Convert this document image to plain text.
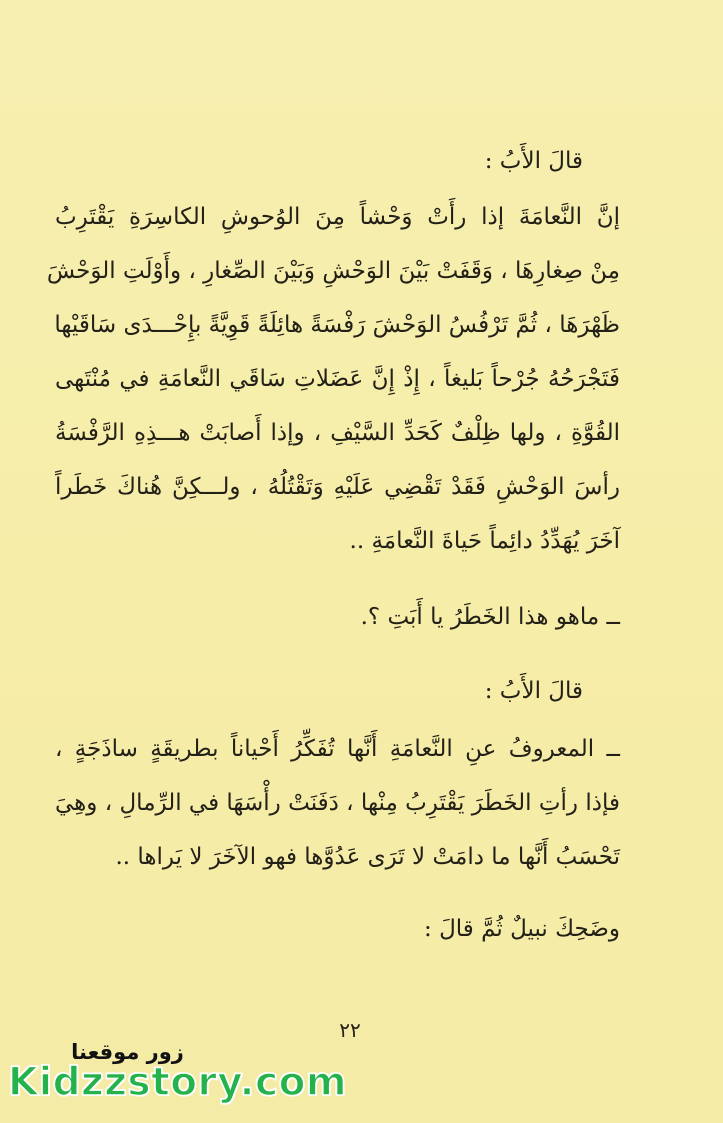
قالَ الأَبُ :
إنَّ النَّعامَةَ إذا رأَتْ وَحْشاً مِنَ الوُحوشِ الكاسِرَةِ يَقْتَرِبُ
مِنْ صِغارِهَا ، وَقَفَتْ بَيْنَ الوَحْشِ وَبَيْنَ الصِّغارِ ، وأَوْلَتِ الوَحْشَ
ظَهْرَهَا ، ثُمَّ تَرْفُسُ الوَحْشَ رَفْسَةً هائِلَةً قَوِيَّةً بإِحْـــدَى سَاقَيْها
فَتَجْرَحُهُ جُرْحاً بَليغاً ، إِذْ إِنَّ عَضَلاتِ سَاقَي النَّعامَةِ في مُنْتَهى
القُوَّةِ ، ولها ظِلْفٌ كَحَدِّ السَّيْفِ ، وإذا أَصابَتْ هـــذِهِ الرَّفْسَةُ
رأسَ الوَحْشِ فَقَدْ تَقْضِي عَلَيْهِ وَتَقْتُلُهُ ، ولـــكِنَّ هُناكَ خَطَراً
آخَرَ يُهَدِّدُ دائِماً حَياةَ النَّعامَةِ ..
ــ ماهو هذا الخَطَرُ يا أَبَتِ ؟.
قالَ الأَبُ :
ــ المعروفُ عنِ النَّعامَةِ أَنَّها تُفَكِّرُ أَحْياناً بطريقَةٍ ساذَجَةٍ ،
فإذا رأتِ الخَطَرَ يَقْتَرِبُ مِنْها ، دَفَنَتْ رأْسَهَا في الرِّمالِ ، وهِيَ
تَحْسَبُ أَنَّها ما دامَتْ لا تَرَى عَدُوَّها فهو الآخَرَ لا يَراها ..
وضَحِكَ نبيلٌ ثُمَّ قالَ :
٢٢
زور موقعنا
Kidzzstory.com
